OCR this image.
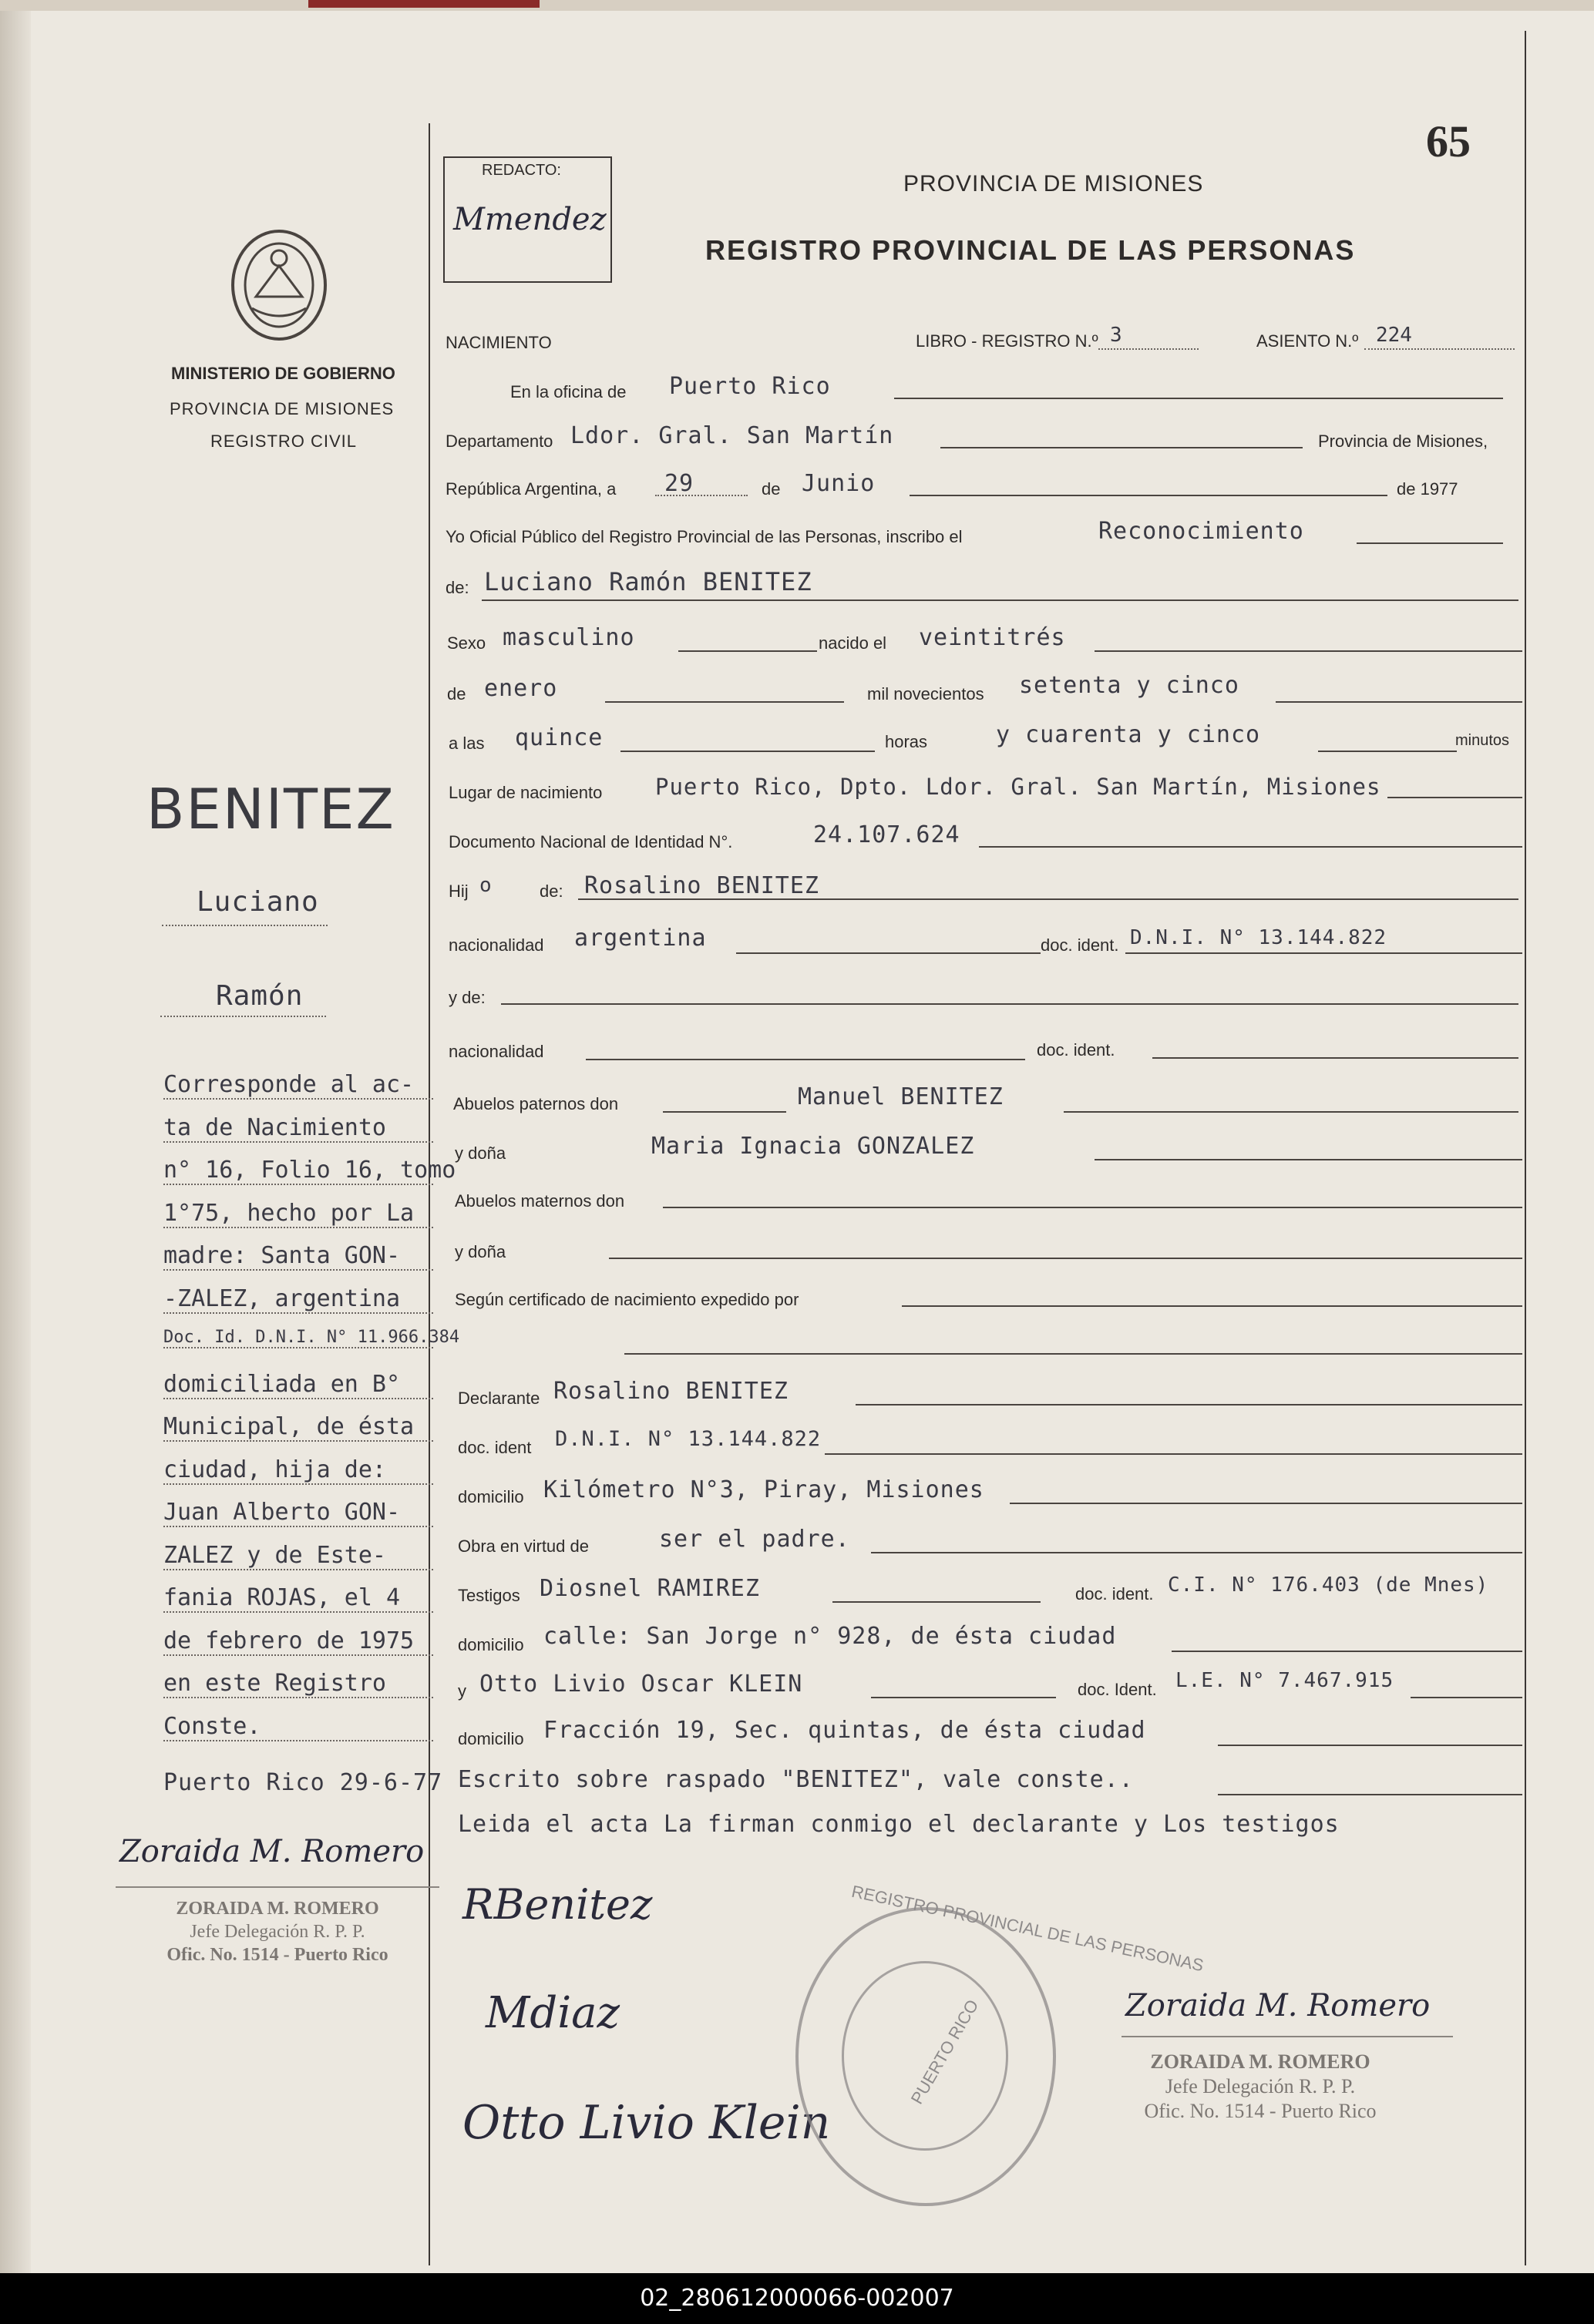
65
REDACTO:
Mmendez
PROVINCIA DE MISIONES
REGISTRO PROVINCIAL DE LAS PERSONAS
MINISTERIO DE GOBIERNO
PROVINCIA DE MISIONES
REGISTRO CIVIL
NACIMIENTO	LIBRO - REGISTRO N.º 3	ASIENTO N.º 224
En la oficina de Puerto Rico
Departamento Ldor. Gral. San Martín	Provincia de Misiones,
República Argentina, a 29	de Junio	de 1977
Yo Oficial Público del Registro Provincial de las Personas, inscribo el	Reconocimiento
de: Luciano Ramón BENITEZ
Sexo masculino	nacido el veintitrés
de enero	mil novecientos setenta y cinco
a las quince	horas	y cuarenta y cinco	minutos
Lugar de nacimiento Puerto Rico, Dpto. Ldor. Gral. San Martín, Misiones
Documento Nacional de Identidad N°.	24.107.624
Hij o	de: Rosalino BENITEZ
nacionalidad argentina	doc. ident. D.N.I. N° 13.144.822
y de:
nacionalidad	doc. ident.
Abuelos paternos don	Manuel BENITEZ
y doña	Maria Ignacia GONZALEZ
Abuelos maternos don
y doña
Según certificado de nacimiento expedido por
Declarante Rosalino BENITEZ
doc. ident D.N.I. N° 13.144.822
domicilio Kilómetro N°3, Piray, Misiones
Obra en virtud de	ser el padre.
Testigos Diosnel RAMIREZ	doc. ident. C.I. N° 176.403 (de Mnes)
domicilio calle: San Jorge n° 928, de ésta ciudad
y Otto Livio Oscar KLEIN	doc. Ident. L.E. N° 7.467.915
domicilio Fracción 19, Sec. quintas, de ésta ciudad
Escrito sobre raspado "BENITEZ", vale conste..
Leida el acta La firman conmigo el declarante y Los testigos
RBenitez
Mdiaz
Otto Livio Klein
Zoraida M. Romero
ZORAIDA M. ROMERO
Jefe Delegación R. P. P.
Ofic. No. 1514 - Puerto Rico
REGISTRO PROVINCIAL DE LAS PERSONAS
PUERTO RICO
BENITEZ
Luciano
Ramón
Corresponde al ac-
ta de Nacimiento
n° 16, Folio 16, tomo
1°75, hecho por La
madre: Santa GON-
-ZALEZ, argentina
Doc. Id. D.N.I. N° 11.966.384
domiciliada en B°
Municipal, de ésta
ciudad, hija de:
Juan Alberto GON-
ZALEZ y de Este-
fania ROJAS, el 4
de febrero de 1975
en este Registro
Conste.
Puerto Rico 29-6-77
Zoraida M. Romero
ZORAIDA M. ROMERO
Jefe Delegación R. P. P.
Ofic. No. 1514 - Puerto Rico
02_280612000066-002007
